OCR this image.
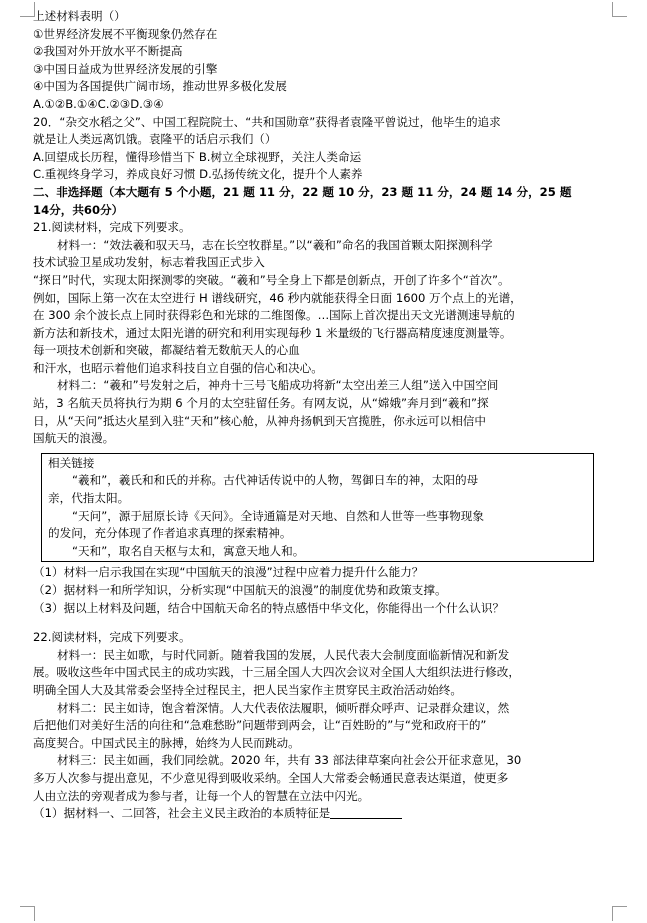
上述材料表明（）
①世界经济发展不平衡现象仍然存在
②我国对外开放水平不断提高
③中国日益成为世界经济发展的引擎
④中国为各国提供广阔市场，推动世界多极化发展
A.①②B.①④C.②③D.③④
20．“杂交水稻之父”、中国工程院院士、“共和国勋章”获得者袁隆平曾说过，他毕生的追求
就是让人类远离饥饿。袁隆平的话启示我们（）
A.回望成长历程，懂得珍惜当下 B.树立全球视野，关注人类命运
C.重视终身学习，养成良好习惯 D.弘扬传统文化，提升个人素养
二、非选择题（本大题有 5 个小题，21 题 11 分，22 题 10 分，23 题 11 分，24 题 14 分，25 题
14分，共60分）
21.阅读材料，完成下列要求。
材料一：“效法羲和驭天马，志在长空牧群星。”以“羲和”命名的我国首颗太阳探测科学
技术试验卫星成功发射，标志着我国正式步入
“探日”时代，实现太阳探测零的突破。“羲和”号全身上下都是创新点，开创了许多个“首次”。
例如，国际上第一次在太空进行 H 谱线研究，46 秒内就能获得全日面 1600 万个点上的光谱，
在 300 余个波长点上同时获得彩色和光球的二维图像。…国际上首次提出天文光谱测速导航的
新方法和新技术，通过太阳光谱的研究和利用实现每秒 1 米量级的飞行器高精度速度测量等。
每一项技术创新和突破，都凝结着无数航天人的心血
和汗水，也昭示着他们追求科技自立自强的信心和决心。
材料二：“羲和”号发射之后，神舟十三号飞船成功将新“太空出差三人组”送入中国空间
站，3 名航天员将执行为期 6 个月的太空驻留任务。有网友说，从“嫦娥”奔月到“羲和”探
日，从“天问”抵达火星到入驻“天和”核心舱，从神舟扬帆到天宫揽胜，你永远可以相信中
国航天的浪漫。
相关链接
“羲和”，羲氏和和氏的并称。古代神话传说中的人物，驾御日车的神，太阳的母
亲，代指太阳。
“天问”，源于屈原长诗《天问》。全诗通篇是对天地、自然和人世等一些事物现象
的发问，充分体现了作者追求真理的探索精神。
“天和”，取名自天枢与太和，寓意天地人和。
（1）材料一启示我国在实现“中国航天的浪漫”过程中应着力提升什么能力？
（2）据材料一和所学知识，分析实现“中国航天的浪漫”的制度优势和政策支撑。
（3）据以上材料及问题，结合中国航天命名的特点感悟中华文化，你能得出一个什么认识？
22.阅读材料，完成下列要求。
材料一：民主如歌，与时代同新。随着我国的发展，人民代表大会制度面临新情况和新发
展。吸收这些年中国式民主的成功实践，十三届全国人大四次会议对全国人大组织法进行修改，
明确全国人大及其常委会坚持全过程民主，把人民当家作主贯穿民主政治活动始终。
材料二：民主如诗，饱含着深情。人大代表依法履职，倾听群众呼声、记录群众建议，然
后把他们对美好生活的向往和“急难愁盼”问题带到两会，让“百姓盼的”与“党和政府干的”
高度契合。中国式民主的脉搏，始终为人民而跳动。
材料三：民主如画，我们同绘就。2020 年，共有 33 部法律草案向社会公开征求意见，30
多万人次参与提出意见，不少意见得到吸收采纳。全国人大常委会畅通民意表达渠道，使更多
人由立法的旁观者成为参与者，让每一个人的智慧在立法中闪光。
（1）据材料一、二回答，社会主义民主政治的本质特征是
